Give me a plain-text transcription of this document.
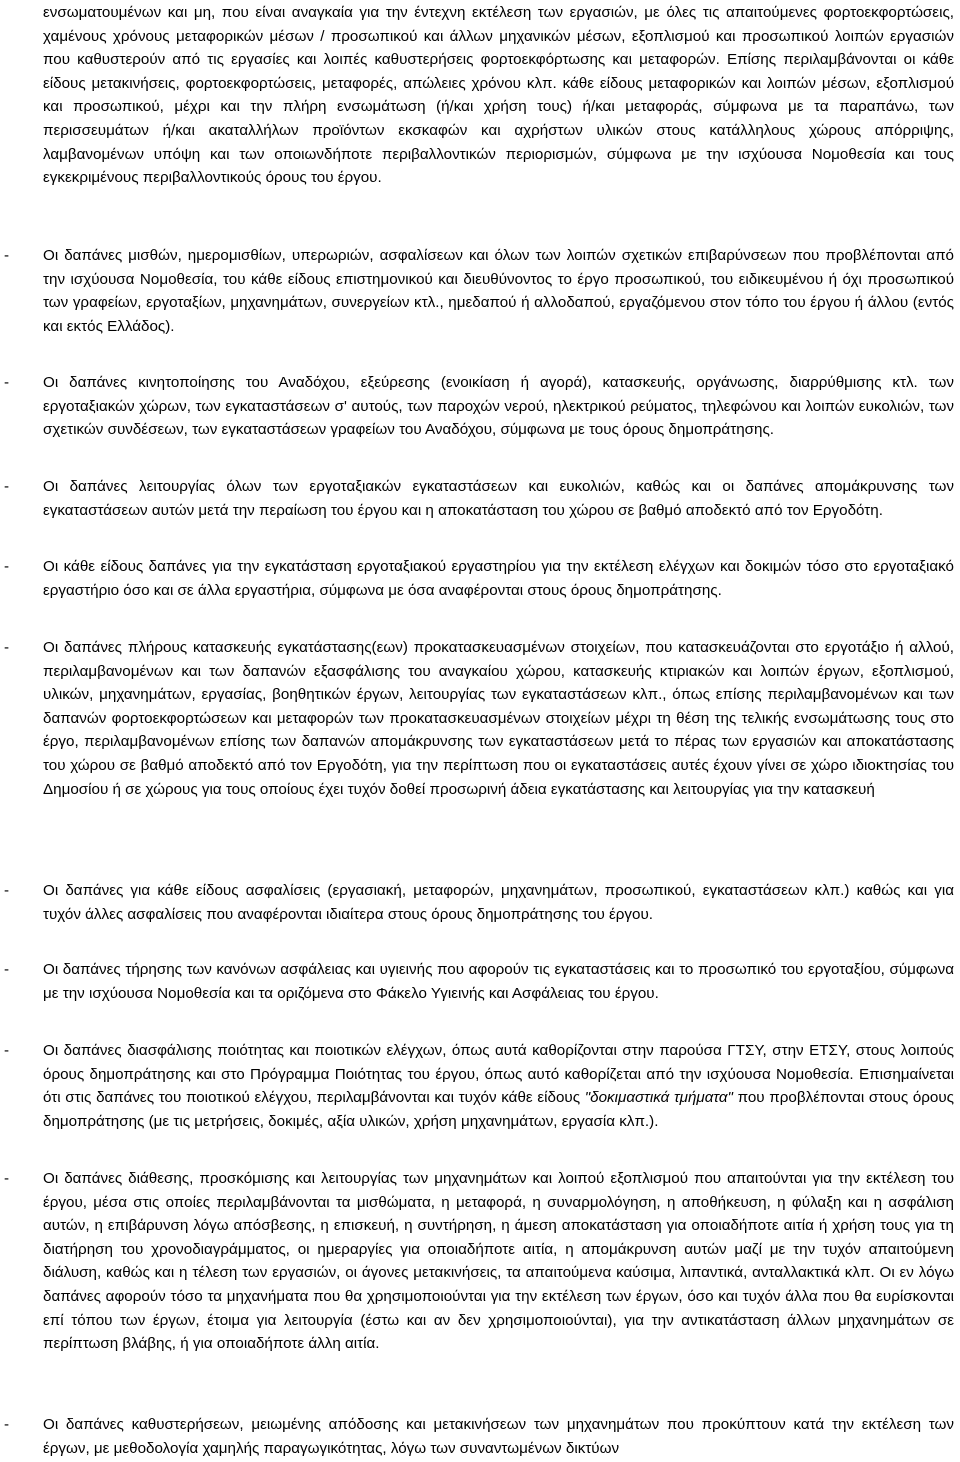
ενσωματουμένων και μη, που είναι αναγκαία για την έντεχνη εκτέλεση των εργασιών, με όλες τις απαιτούμενες φορτοεκφορτώσεις, χαμένους χρόνους μεταφορικών μέσων / προσωπικού και άλλων μηχανικών μέσων, εξοπλισμού και προσωπικού λοιπών εργασιών που καθυστερούν από τις εργασίες και λοιπές καθυστερήσεις φορτοεκφόρτωσης και μεταφορών. Επίσης περιλαμβάνονται οι κάθε είδους μετακινήσεις, φορτοεκφορτώσεις, μεταφορές, απώλειες χρόνου κλπ. κάθε είδους μεταφορικών και λοιπών μέσων, εξοπλισμού και προσωπικού, μέχρι και την πλήρη ενσωμάτωση (ή/και χρήση τους) ή/και μεταφοράς, σύμφωνα με τα παραπάνω, των περισσευμάτων ή/και ακαταλλήλων προϊόντων εκσκαφών και αχρήστων υλικών στους κατάλληλους χώρους απόρριψης, λαμβανομένων υπόψη και των οποιωνδήποτε περιβαλλοντικών περιορισμών, σύμφωνα με την ισχύουσα Νομοθεσία και τους εγκεκριμένους περιβαλλοντικούς όρους του έργου.

- Οι δαπάνες μισθών, ημερομισθίων, υπερωριών, ασφαλίσεων και όλων των λοιπών σχετικών επιβαρύνσεων που προβλέπονται από την ισχύουσα Νομοθεσία, του κάθε είδους επιστημονικού και διευθύνοντος το έργο προσωπικού, του ειδικευμένου ή όχι προσωπικού των γραφείων, εργοταξίων, μηχανημάτων, συνεργείων κτλ., ημεδαπού ή αλλοδαπού, εργαζόμενου στον τόπο του έργου ή άλλου (εντός και εκτός Ελλάδος).

- Οι δαπάνες κινητοποίησης του Αναδόχου, εξεύρεσης (ενοικίαση ή αγορά), κατασκευής, οργάνωσης, διαρρύθμισης κτλ. των εργοταξιακών χώρων, των εγκαταστάσεων σ' αυτούς, των παροχών νερού, ηλεκτρικού ρεύματος, τηλεφώνου και λοιπών ευκολιών, των σχετικών συνδέσεων, των εγκαταστάσεων γραφείων του Αναδόχου, σύμφωνα με τους όρους δημοπράτησης.

- Οι δαπάνες λειτουργίας όλων των εργοταξιακών εγκαταστάσεων και ευκολιών, καθώς και οι δαπάνες απομάκρυνσης των εγκαταστάσεων αυτών μετά την περαίωση του έργου και η αποκατάσταση του χώρου σε βαθμό αποδεκτό από τον Εργοδότη.

- Οι κάθε είδους δαπάνες για την εγκατάσταση εργοταξιακού εργαστηρίου για την εκτέλεση ελέγχων και δοκιμών τόσο στο εργοταξιακό εργαστήριο όσο και σε άλλα εργαστήρια, σύμφωνα με όσα αναφέρονται στους όρους δημοπράτησης.

- Οι δαπάνες πλήρους κατασκευής εγκατάστασης(εων) προκατασκευασμένων στοιχείων, που κατασκευάζονται στο εργοτάξιο ή αλλού, περιλαμβανομένων και των δαπανών εξασφάλισης του αναγκαίου χώρου, κατασκευής κτιριακών και λοιπών έργων, εξοπλισμού, υλικών, μηχανημάτων, εργασίας, βοηθητικών έργων, λειτουργίας των εγκαταστάσεων κλπ., όπως επίσης περιλαμβανομένων και των δαπανών φορτοεκφορτώσεων και μεταφορών των προκατασκευασμένων στοιχείων μέχρι τη θέση της τελικής ενσωμάτωσης τους στο έργο, περιλαμβανομένων επίσης των δαπανών απομάκρυνσης των εγκαταστάσεων μετά το πέρας των εργασιών και αποκατάστασης του χώρου σε βαθμό αποδεκτό από τον Εργοδότη, για την περίπτωση που οι εγκαταστάσεις αυτές έχουν γίνει σε χώρο ιδιοκτησίας του Δημοσίου ή σε χώρους για τους οποίους έχει τυχόν δοθεί προσωρινή άδεια εγκατάστασης και λειτουργίας για την κατασκευή

- Οι δαπάνες για κάθε είδους ασφαλίσεις (εργασιακή, μεταφορών, μηχανημάτων, προσωπικού, εγκαταστάσεων κλπ.) καθώς και για τυχόν άλλες ασφαλίσεις που αναφέρονται ιδιαίτερα στους όρους δημοπράτησης του έργου.

- Οι δαπάνες τήρησης των κανόνων ασφάλειας και υγιεινής που αφορούν τις εγκαταστάσεις και το προσωπικό του εργοταξίου, σύμφωνα με την ισχύουσα Νομοθεσία και τα οριζόμενα στο Φάκελο Υγιεινής και Ασφάλειας του έργου.

- Οι δαπάνες διασφάλισης ποιότητας και ποιοτικών ελέγχων, όπως αυτά καθορίζονται στην παρούσα ΓΤΣΥ, στην ΕΤΣΥ, στους λοιπούς όρους δημοπράτησης και στο Πρόγραμμα Ποιότητας του έργου, όπως αυτό καθορίζεται από την ισχύουσα Νομοθεσία. Επισημαίνεται ότι στις δαπάνες του ποιοτικού ελέγχου, περιλαμβάνονται και τυχόν κάθε είδους "δοκιμαστικά τμήματα" που προβλέπονται στους όρους δημοπράτησης (με τις μετρήσεις, δοκιμές, αξία υλικών, χρήση μηχανημάτων, εργασία κλπ.).

- Οι δαπάνες διάθεσης, προσκόμισης και λειτουργίας των μηχανημάτων και λοιπού εξοπλισμού που απαιτούνται για την εκτέλεση του έργου, μέσα στις οποίες περιλαμβάνονται τα μισθώματα, η μεταφορά, η συναρμολόγηση, η αποθήκευση, η φύλαξη και η ασφάλιση αυτών, η επιβάρυνση λόγω απόσβεσης, η επισκευή, η συντήρηση, η άμεση αποκατάσταση για οποιαδήποτε αιτία ή χρήση τους για τη διατήρηση του χρονοδιαγράμματος, οι ημεραργίες για οποιαδήποτε αιτία, η απομάκρυνση αυτών μαζί με την τυχόν απαιτούμενη διάλυση, καθώς και η τέλεση των εργασιών, οι άγονες μετακινήσεις, τα απαιτούμενα καύσιμα, λιπαντικά, ανταλλακτικά κλπ. Οι εν λόγω δαπάνες αφορούν τόσο τα μηχανήματα που θα χρησιμοποιούνται για την εκτέλεση των έργων, όσο και τυχόν άλλα που θα ευρίσκονται επί τόπου των έργων, έτοιμα για λειτουργία (έστω και αν δεν χρησιμοποιούνται), για την αντικατάσταση άλλων μηχανημάτων σε περίπτωση βλάβης, ή για οποιαδήποτε άλλη αιτία.

- Οι δαπάνες καθυστερήσεων, μειωμένης απόδοσης και μετακινήσεων των μηχανημάτων που προκύπτουν κατά την εκτέλεση των έργων, με μεθοδολογία χαμηλής παραγωγικότητας, λόγω των συναντωμένων δικτύων
